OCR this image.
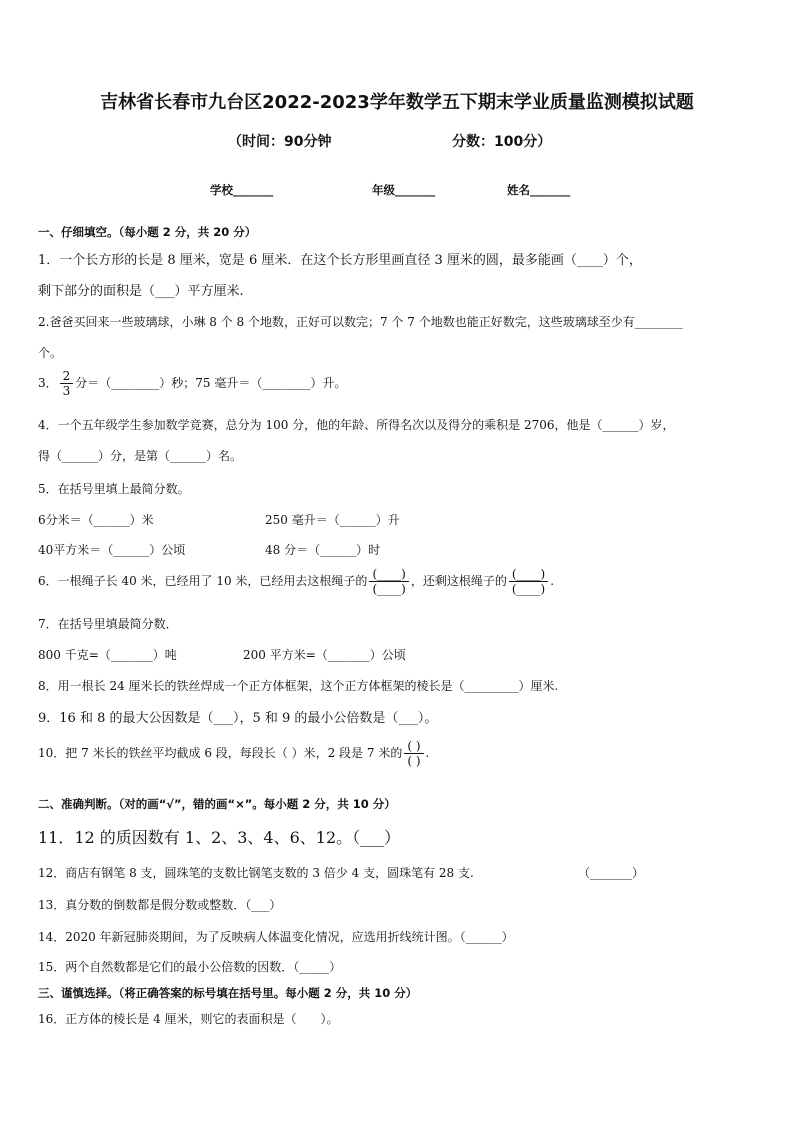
吉林省长春市九台区2022-2023学年数学五下期末学业质量监测模拟试题
（时间：90分钟	分数：100分）
学校_______	年级_______	姓名_______
一、仔细填空。（每小题 2 分，共 20 分）
1．一个长方形的长是 8 厘米，宽是 6 厘米．在这个长方形里画直径 3 厘米的圆，最多能画（____）个，
剩下部分的面积是（___）平方厘米.
2.爸爸买回来一些玻璃球，小琳 8 个 8 个地数，正好可以数完；7 个 7 个地数也能正好数完，这些玻璃球至少有________
个。
3． $\frac{2}{3}$ 分＝（________）秒；75 毫升＝（________）升。
4．一个五年级学生参加数学竞赛，总分为 100 分，他的年龄、所得名次以及得分的乘积是 2706，他是（______）岁，
得（______）分，是第（______）名。
5．在括号里填上最简分数。
6分米＝（______）米	250 毫升＝（______）升
40平方米＝（______）公顷	48 分＝（______）时
6．一根绳子长 40 米，已经用了 10 米，已经用去这根绳子的 $\frac{(\_\_\_\_)}{(\_\_\_\_)}$ ，还剩这根绳子的 $\frac{(\_\_\_\_)}{(\_\_\_\_)}$ .
7．在括号里填最简分数．
800 千克=（_______）吨	200 平方米=（_______）公顷
8．用一根长 24 厘米长的铁丝焊成一个正方体框架，这个正方体框架的棱长是（_________）厘米.
9．16 和 8 的最大公因数是（___），5 和 9 的最小公倍数是（___）。
10．把 7 米长的铁丝平均截成 6 段，每段长（ ）米，2 段是 7 米的 $\frac{( )}{( )}$ .
二、准确判断。（对的画“√”，错的画“×”。每小题 2 分，共 10 分）
11．12 的质因数有 1、2、3、4、6、12。（___）
12．商店有钢笔 8 支，圆珠笔的支数比钢笔支数的 3 倍少 4 支，圆珠笔有 28 支.	（_______）
13．真分数的倒数都是假分数或整数．（___）
14．2020 年新冠肺炎期间，为了反映病人体温变化情况，应选用折线统计图。（______）
15．两个自然数都是它们的最小公倍数的因数．（_____）
三、谨慎选择。（将正确答案的标号填在括号里。每小题 2 分，共 10 分）
16．正方体的棱长是 4 厘米，则它的表面积是（　　）。
